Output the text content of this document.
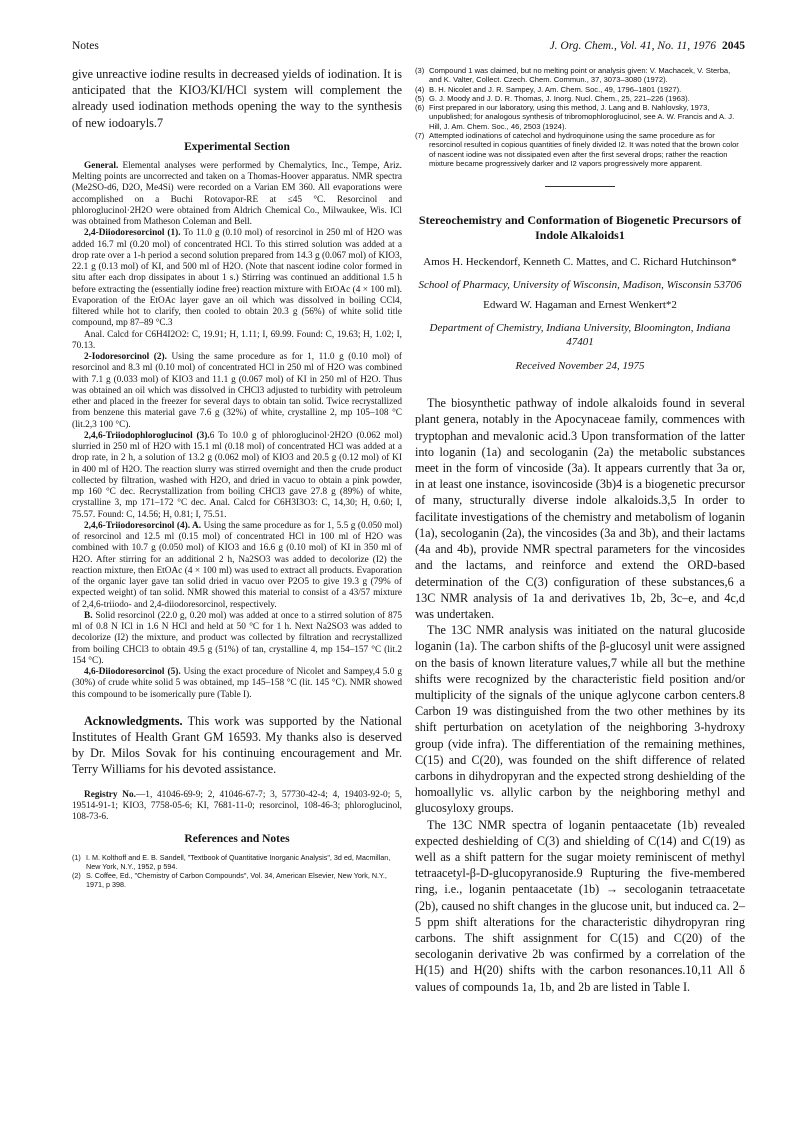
Notes	J. Org. Chem., Vol. 41, No. 11, 1976 2045

give unreactive iodine results in decreased yields of iodination. It is anticipated that the KIO3/KI/HCl system will complement the already used iodination methods opening the way to the synthesis of new iodoaryls.7

Experimental Section

General. Elemental analyses were performed by Chemalytics, Inc., Tempe, Ariz. Melting points are uncorrected and taken on a Thomas-Hoover apparatus. NMR spectra (Me2SO-d6, D2O, Me4Si) were recorded on a Varian EM 360. All evaporations were accomplished on a Buchi Rotovapor-RE at ≤45 °C. Resorcinol and phloroglucinol·2H2O were obtained from Aldrich Chemical Co., Milwaukee, Wis. ICl was obtained from Matheson Coleman and Bell.

2,4-Diiodoresorcinol (1). To 11.0 g (0.10 mol) of resorcinol in 250 ml of H2O was added 16.7 ml (0.20 mol) of concentrated HCl. To this stirred solution was added at a drop rate over a 1-h period a second solution prepared from 14.3 g (0.067 mol) of KIO3, 22.1 g (0.13 mol) of KI, and 500 ml of H2O. (Note that nascent iodine color formed in situ after each drop dissipates in about 1 s.) Stirring was continued an additional 1.5 h before extracting the (essentially iodine free) reaction mixture with EtOAc (4 × 100 ml). Evaporation of the EtOAc layer gave an oil which was dissolved in boiling CCl4, filtered while hot to clarify, then cooled to obtain 20.3 g (56%) of white solid title compound, mp 87–89 °C.3

Anal. Calcd for C6H4I2O2: C, 19.91; H, 1.11; I, 69.99. Found: C, 19.63; H, 1.02; I, 70.13.

2-Iodoresorcinol (2). Using the same procedure as for 1, 11.0 g (0.10 mol) of resorcinol and 8.3 ml (0.10 mol) of concentrated HCl in 250 ml of H2O was combined with 7.1 g (0.033 mol) of KIO3 and 11.1 g (0.067 mol) of KI in 250 ml of H2O. Thus was obtained an oil which was dissolved in CHCl3 adjusted to turbidity with petroleum ether and placed in the freezer for several days to obtain tan solid. Twice recrystallized from benzene this material gave 7.6 g (32%) of white, crystalline 2, mp 105–108 °C (lit.2,3 100 °C).

2,4,6-Triiodophloroglucinol (3).6 To 10.0 g of phloroglucinol·2H2O (0.062 mol) slurried in 250 ml of H2O with 15.1 ml (0.18 mol) of concentrated HCl was added at a drop rate, in 2 h, a solution of 13.2 g (0.062 mol) of KIO3 and 20.5 g (0.12 mol) of KI in 400 ml of H2O. The reaction slurry was stirred overnight and then the crude product collected by filtration, washed with H2O, and dried in vacuo to obtain a pink powder, mp 160 °C dec. Recrystallization from boiling CHCl3 gave 27.8 g (89%) of white, crystalline 3, mp 171–172 °C dec. Anal. Calcd for C6H3I3O3: C, 14,30; H, 0.60; I, 75.57. Found: C, 14.56; H, 0.81; I, 75.51.

2,4,6-Triiodoresorcinol (4). A. Using the same procedure as for 1, 5.5 g (0.050 mol) of resorcinol and 12.5 ml (0.15 mol) of concentrated HCl in 100 ml of H2O was combined with 10.7 g (0.050 mol) of KIO3 and 16.6 g (0.10 mol) of KI in 350 ml of H2O. After stirring for an additional 2 h, Na2SO3 was added to decolorize (I2) the reaction mixture, then EtOAc (4 × 100 ml) was used to extract all products. Evaporation of the organic layer gave tan solid dried in vacuo over P2O5 to give 19.3 g (79% of expected weight) of tan solid. NMR showed this material to consist of a 43/57 mixture of 2,4,6-triiodo- and 2,4-diiodoresorcinol, respectively.

B. Solid resorcinol (22.0 g, 0.20 mol) was added at once to a stirred solution of 875 ml of 0.8 N ICl in 1.6 N HCl and held at 50 °C for 1 h. Next Na2SO3 was added to decolorize (I2) the mixture, and product was collected by filtration and recrystallized from boiling CHCl3 to obtain 49.5 g (51%) of tan, crystalline 4, mp 154–157 °C (lit.2 154 °C).

4,6-Diiodoresorcinol (5). Using the exact procedure of Nicolet and Sampey,4 5.0 g (30%) of crude white solid 5 was obtained, mp 145–158 °C (lit. 145 °C). NMR showed this compound to be isomerically pure (Table I).

Acknowledgments. This work was supported by the National Institutes of Health Grant GM 16593. My thanks also is deserved by Dr. Milos Sovak for his continuing encouragement and Mr. Terry Williams for his devoted assistance.

Registry No.—1, 41046-69-9; 2, 41046-67-7; 3, 57730-42-4; 4, 19403-92-0; 5, 19514-91-1; KIO3, 7758-05-6; KI, 7681-11-0; resorcinol, 108-46-3; phloroglucinol, 108-73-6.

References and Notes
(1) I. M. Kolthoff and E. B. Sandell, "Textbook of Quantitative Inorganic Analysis", 3d ed, Macmillan, New York, N.Y., 1952, p 594.
(2) S. Coffee, Ed., "Chemistry of Carbon Compounds", Vol. 34, American Elsevier, New York, N.Y., 1971, p 398.
(3) Compound 1 was claimed, but no melting point or analysis given: V. Machacek, V. Sterba, and K. Valter, Collect. Czech. Chem. Commun., 37, 3073–3080 (1972).
(4) B. H. Nicolet and J. R. Sampey, J. Am. Chem. Soc., 49, 1796–1801 (1927).
(5) G. J. Moody and J. D. R. Thomas, J. Inorg. Nucl. Chem., 25, 221–226 (1963).
(6) First prepared in our laboratory, using this method, J. Lang and B. Nahlovsky, 1973, unpublished; for analogous synthesis of tribromophloroglucinol, see A. W. Francis and A. J. Hill, J. Am. Chem. Soc., 46, 2503 (1924).
(7) Attempted iodinations of catechol and hydroquinone using the same procedure as for resorcinol resulted in copious quantities of finely divided I2. It was noted that the brown color of nascent iodine was not dissipated even after the first several drops; rather the reaction mixture became progressively darker and I2 vapors progressively more apparent.
Stereochemistry and Conformation of Biogenetic Precursors of Indole Alkaloids1
Amos H. Heckendorf, Kenneth C. Mattes, and C. Richard Hutchinson*
School of Pharmacy, University of Wisconsin, Madison, Wisconsin 53706
Edward W. Hagaman and Ernest Wenkert*2
Department of Chemistry, Indiana University, Bloomington, Indiana 47401
Received November 24, 1975

The biosynthetic pathway of indole alkaloids found in several plant genera, notably in the Apocynaceae family, commences with tryptophan and mevalonic acid.3 Upon transformation of the latter into loganin (1a) and secologanin (2a) the metabolic substances meet in the form of vincoside (3a). It appears currently that 3a or, in at least one instance, isovincoside (3b)4 is a biogenetic precursor of many, structurally diverse indole alkaloids.3,5 In order to facilitate investigations of the chemistry and metabolism of loganin (1a), secologanin (2a), the vincosides (3a and 3b), and their lactams (4a and 4b), provide NMR spectral parameters for the vincosides and the lactams, and reinforce and extend the ORD-based determination of the C(3) configuration of these substances,6 a 13C NMR analysis of 1a and derivatives 1b, 2b, 3c–e, and 4c,d was undertaken.

The 13C NMR analysis was initiated on the natural glucoside loganin (1a). The carbon shifts of the β-glucosyl unit were assigned on the basis of known literature values,7 while all but the methine shifts were recognized by the characteristic field position and/or multiplicity of the signals of the unique aglycone carbon centers.8 Carbon 19 was distinguished from the two other methines by its shift perturbation on acetylation of the neighboring 3-hydroxy group (vide infra). The differentiation of the remaining methines, C(15) and C(20), was founded on the shift difference of related carbons in dihydropyran and the expected strong deshielding of the homoallylic vs. allylic carbon by the neighboring methyl and glucosyloxy groups.

The 13C NMR spectra of loganin pentaacetate (1b) revealed expected deshielding of C(3) and shielding of C(14) and C(19) as well as a shift pattern for the sugar moiety reminiscent of methyl tetraacetyl-β-D-glucopyranoside.9 Rupturing the five-membered ring, i.e., loganin pentaacetate (1b) → secologanin tetraacetate (2b), caused no shift changes in the glucose unit, but induced ca. 2–5 ppm shift alterations for the characteristic dihydropyran ring carbons. The shift assignment for C(15) and C(20) of the secologanin derivative 2b was confirmed by a correlation of the H(15) and H(20) shifts with the carbon resonances.10,11 All δ values of compounds 1a, 1b, and 2b are listed in Table I.
